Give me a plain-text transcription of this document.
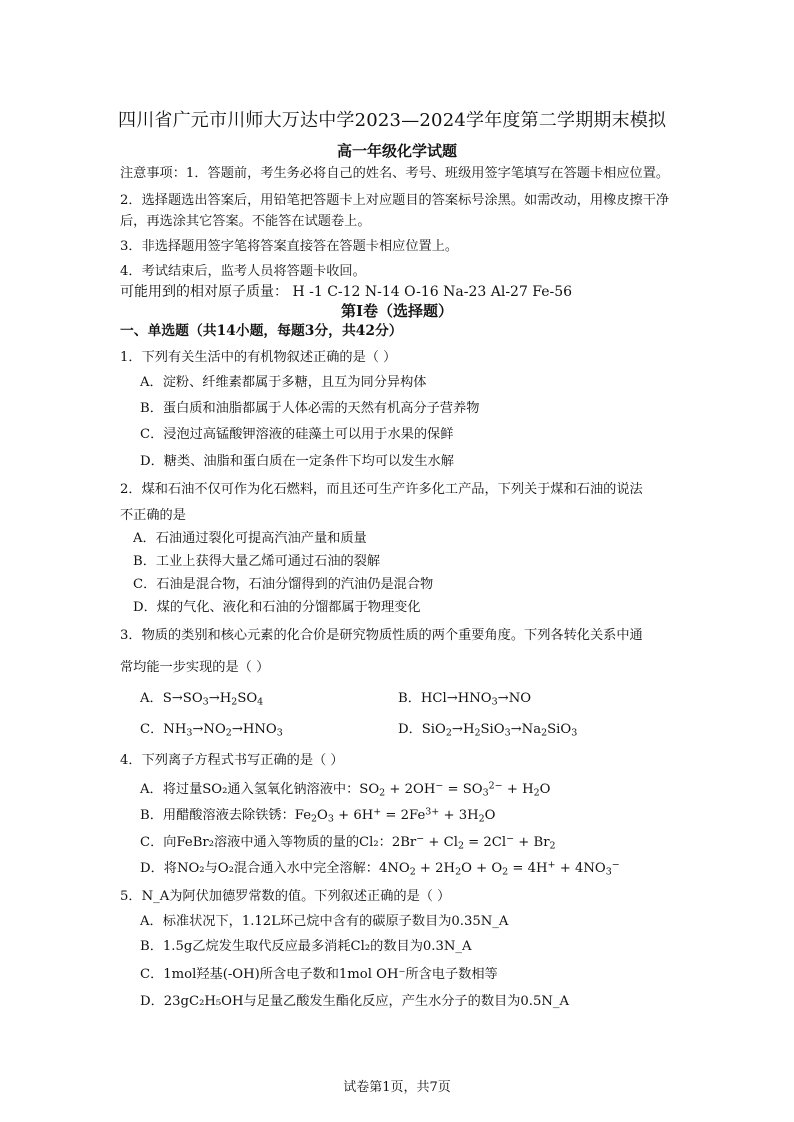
四川省广元市川师大万达中学2023—2024学年度第二学期期末模拟
高一年级化学试题
注意事项：1．答题前，考生务必将自己的姓名、考号、班级用签字笔填写在答题卡相应位置。
2．选择题选出答案后，用铅笔把答题卡上对应题目的答案标号涂黑。如需改动，用橡皮擦干净
后，再选涂其它答案。不能答在试题卷上。
3．非选择题用签字笔将答案直接答在答题卡相应位置上。
4．考试结束后，监考人员将答题卡收回。
可能用到的相对原子质量： H -1 C-12 N-14 O-16 Na-23 Al-27 Fe-56
第Ⅰ卷（选择题）
一、单选题（共14小题，每题3分，共42分）
1．下列有关生活中的有机物叙述正确的是（ ）
A．淀粉、纤维素都属于多糖，且互为同分异构体
B．蛋白质和油脂都属于人体必需的天然有机高分子营养物
C．浸泡过高锰酸钾溶液的硅藻土可以用于水果的保鲜
D．糖类、油脂和蛋白质在一定条件下均可以发生水解
2．煤和石油不仅可作为化石燃料，而且还可生产许多化工产品，下列关于煤和石油的说法
不正确的是
A．石油通过裂化可提高汽油产量和质量
B．工业上获得大量乙烯可通过石油的裂解
C．石油是混合物，石油分馏得到的汽油仍是混合物
D．煤的气化、液化和石油的分馏都属于物理变化
3．物质的类别和核心元素的化合价是研究物质性质的两个重要角度。下列各转化关系中通
常均能一步实现的是（ ）
A．$S\to SO_3\to H_2SO_4$	B．$HCl\to HNO_3\to NO$
C．$NH_3\to NO_2\to HNO_3$	D．$SiO_2\to H_2SiO_3\to Na_2SiO_3$
4．下列离子方程式书写正确的是（ ）
A．将过量SO₂通入氢氧化钠溶液中：$SO_2 + 2OH^- = SO_3^{2-} + H_2O$
B．用醋酸溶液去除铁锈：$Fe_2O_3 + 6H^+ = 2Fe^{3+} + 3H_2O$
C．向FeBr₂溶液中通入等物质的量的Cl₂：$2Br^- + Cl_2 = 2Cl^- + Br_2$
D．将NO₂与O₂混合通入水中完全溶解：$4NO_2 + 2H_2O + O_2 = 4H^+ + 4NO_3^-$
5．N_A为阿伏加德罗常数的值。下列叙述正确的是（ ）
A．标准状况下，1.12L环己烷中含有的碳原子数目为0.35N_A
B．1.5g乙烷发生取代反应最多消耗Cl₂的数目为0.3N_A
C．1mol羟基(-OH)所含电子数和1mol OH⁻所含电子数相等
D．23gC₂H₅OH与足量乙酸发生酯化反应，产生水分子的数目为0.5N_A
试卷第1页，共7页
